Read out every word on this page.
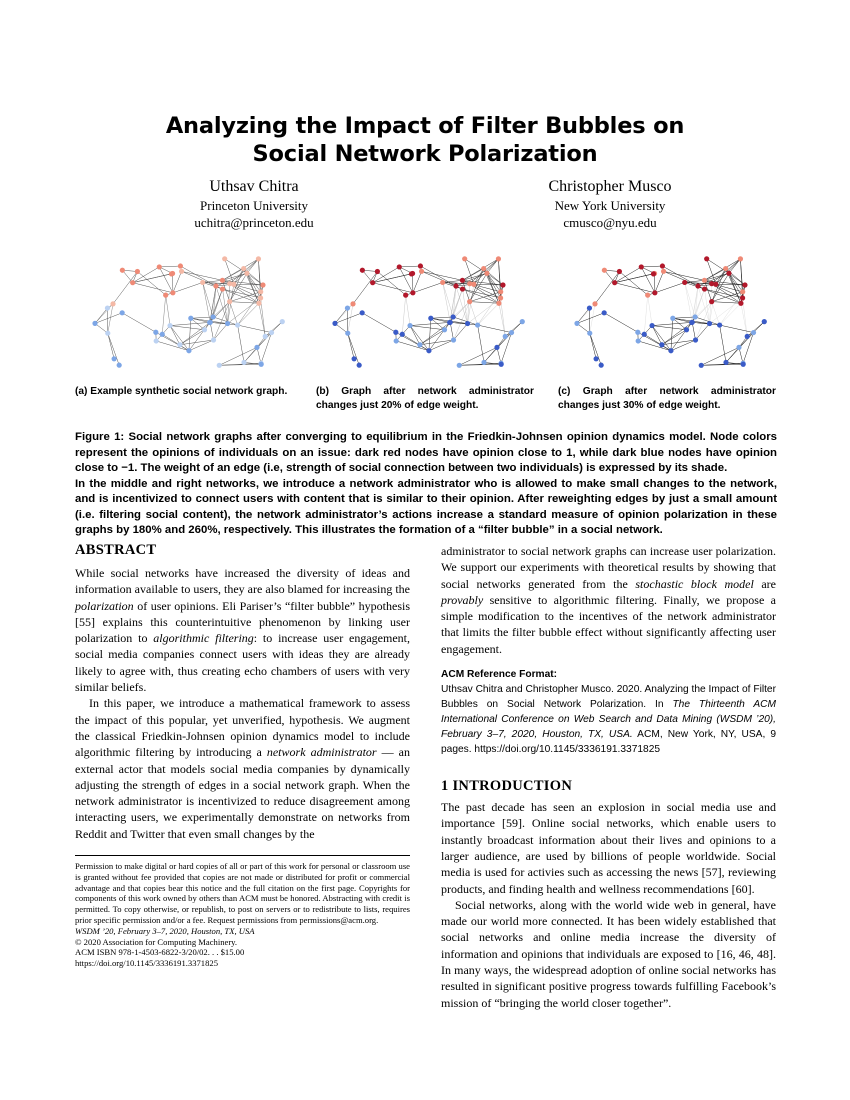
Analyzing the Impact of Filter Bubbles on
Social Network Polarization
Uthsav Chitra
Princeton University
uchitra@princeton.edu
Christopher Musco
New York University
cmusco@nyu.edu
(a) Example synthetic social network graph.	(b) Graph after network administrator changes just 20% of edge weight.
(c) Graph after network administrator changes just 30% of edge weight.

Figure 1: Social network graphs after converging to equilibrium in the Friedkin-Johnsen opinion dynamics model. Node colors represent the opinions of individuals on an issue: dark red nodes have opinion close to 1, while dark blue nodes have opinion close to −1. The weight of an edge (i.e, strength of social connection between two individuals) is expressed by its shade.

In the middle and right networks, we introduce a network administrator who is allowed to make small changes to the network, and is incentivized to connect users with content that is similar to their opinion. After reweighting edges by just a small amount (i.e. filtering social content), the network administrator’s actions increase a standard measure of opinion polarization in these graphs by 180% and 260%, respectively. This illustrates the formation of a “filter bubble” in a social network.

ABSTRACT

While social networks have increased the diversity of ideas and information available to users, they are also blamed for increasing the polarization of user opinions. Eli Pariser’s “filter bubble” hypothesis [55] explains this counterintuitive phenomenon by linking user polarization to algorithmic filtering: to increase user engagement, social media companies connect users with ideas they are already likely to agree with, thus creating echo chambers of users with very similar beliefs.

In this paper, we introduce a mathematical framework to assess the impact of this popular, yet unverified, hypothesis. We augment the classical Friedkin-Johnsen opinion dynamics model to include algorithmic filtering by introducing a network administrator — an external actor that models social media companies by dynamically adjusting the strength of edges in a social network graph. When the network administrator is incentivized to reduce disagreement among interacting users, we experimentally demonstrate on networks from Reddit and Twitter that even small changes by the

Permission to make digital or hard copies of all or part of this work for personal or classroom use is granted without fee provided that copies are not made or distributed for profit or commercial advantage and that copies bear this notice and the full citation on the first page. Copyrights for components of this work owned by others than ACM must be honored. Abstracting with credit is permitted. To copy otherwise, or republish, to post on servers or to redistribute to lists, requires prior specific permission and/or a fee. Request permissions from permissions@acm.org.

WSDM ’20, February 3–7, 2020, Houston, TX, USA

© 2020 Association for Computing Machinery.

ACM ISBN 978-1-4503-6822-3/20/02. . . $15.00

https://doi.org/10.1145/3336191.3371825

administrator to social network graphs can increase user polarization. We support our experiments with theoretical results by showing that social networks generated from the stochastic block model are provably sensitive to algorithmic filtering. Finally, we propose a simple modification to the incentives of the network administrator that limits the filter bubble effect without significantly affecting user engagement.

ACM Reference Format:
Uthsav Chitra and Christopher Musco. 2020. Analyzing the Impact of Filter Bubbles on Social Network Polarization. In The Thirteenth ACM International Conference on Web Search and Data Mining (WSDM ’20), February 3–7, 2020, Houston, TX, USA. ACM, New York, NY, USA, 9 pages. https://doi.org/10.1145/3336191.3371825
1 INTRODUCTION

The past decade has seen an explosion in social media use and importance [59]. Online social networks, which enable users to instantly broadcast information about their lives and opinions to a larger audience, are used by billions of people worldwide. Social media is used for activies such as accessing the news [57], reviewing products, and finding health and wellness recommendations [60].

Social networks, along with the world wide web in general, have made our world more connected. It has been widely established that social networks and online media increase the diversity of information and opinions that individuals are exposed to [16, 46, 48]. In many ways, the widespread adoption of online social networks has resulted in significant positive progress towards fulfilling Facebook’s mission of “bringing the world closer together”.
